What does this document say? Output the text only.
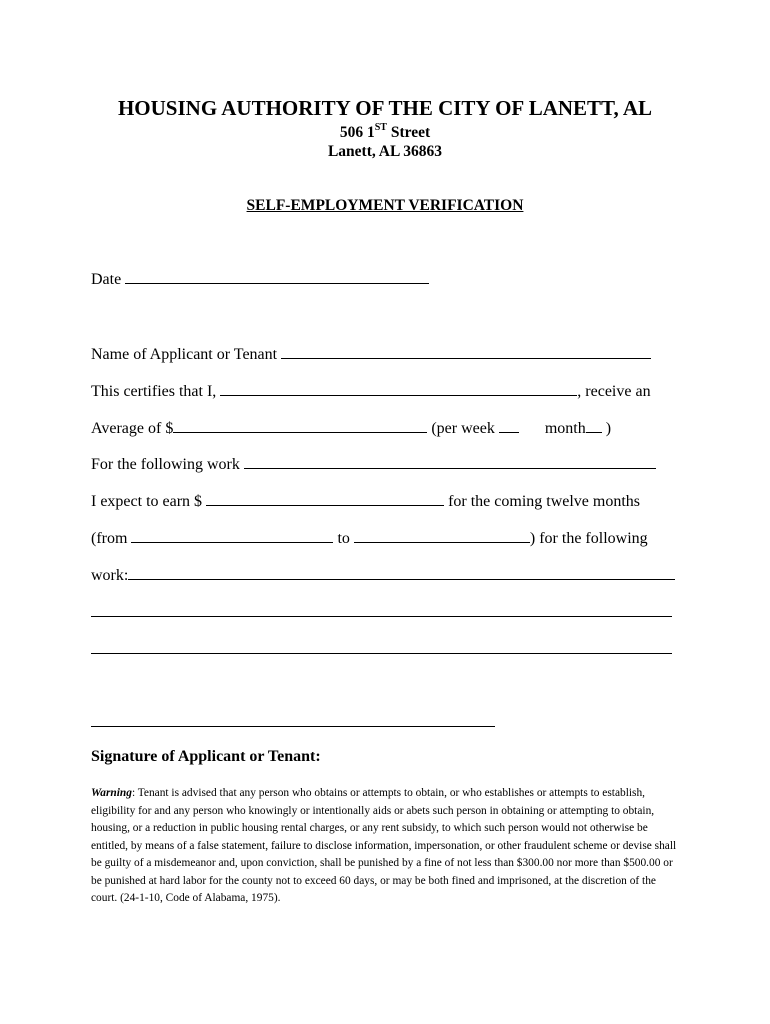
HOUSING AUTHORITY OF THE CITY OF LANETT, AL
506 1ST Street
Lanett, AL 36863
SELF-EMPLOYMENT VERIFICATION
Date
Name of Applicant or Tenant
This certifies that I,	, receive an
Average of $	(per week	month )
For the following work
I expect to earn $	for the coming twelve months
(from	to	) for the following
work:
Signature of Applicant or Tenant:
Warning: Tenant is advised that any person who obtains or attempts to obtain, or who establishes or attempts to establish, eligibility for and any person who knowingly or intentionally aids or abets such person in obtaining or attempting to obtain, housing, or a reduction in public housing rental charges, or any rent subsidy, to which such person would not otherwise be entitled, by means of a false statement, failure to disclose information, impersonation, or other fraudulent scheme or devise shall be guilty of a misdemeanor and, upon conviction, shall be punished by a fine of not less than $300.00 nor more than $500.00 or be punished at hard labor for the county not to exceed 60 days, or may be both fined and imprisoned, at the discretion of the court. (24-1-10, Code of Alabama, 1975).
